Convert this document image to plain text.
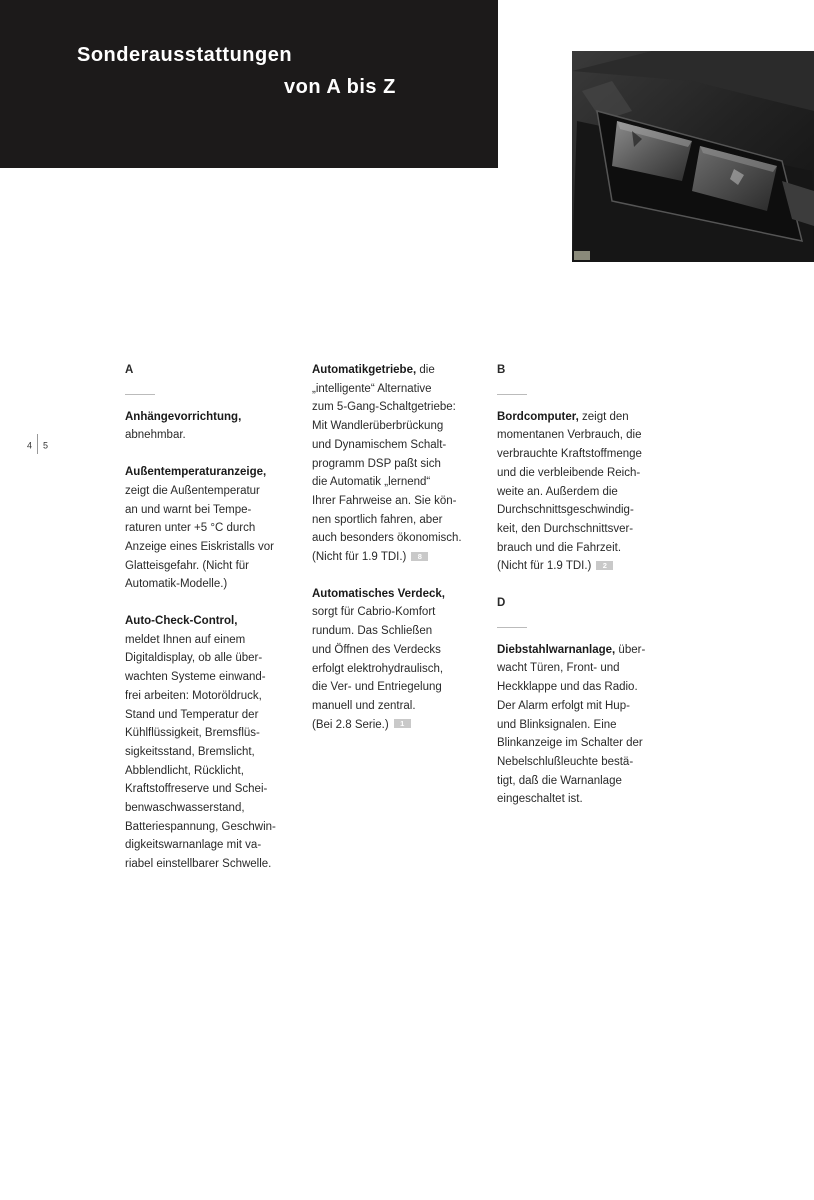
Sonderausstattungen
von A bis Z
4 5

A

Anhängevorrichtung,
abnehmbar.
Außentemperaturanzeige,
zeigt die Außentemperatur
an und warnt bei Tempe-
raturen unter +5 °C durch
Anzeige eines Eiskristalls vor
Glatteisgefahr. (Nicht für
Automatik-Modelle.)
Auto-Check-Control,
meldet Ihnen auf einem
Digitaldisplay, ob alle über-
wachten Systeme einwand-
frei arbeiten: Motoröldruck,
Stand und Temperatur der
Kühlflüssigkeit, Bremsflüs-
sigkeitsstand, Bremslicht,
Abblendlicht, Rücklicht,
Kraftstoffreserve und Schei-
benwaschwasserstand,
Batteriespannung, Geschwin-
digkeitswarnanlage mit va-
riabel einstellbarer Schwelle.
Automatikgetriebe, die
„intelligente“ Alternative
zum 5-Gang-Schaltgetriebe:
Mit Wandlerüberbrückung
und Dynamischem Schalt-
programm DSP paßt sich
die Automatik „lernend“
Ihrer Fahrweise an. Sie kön-
nen sportlich fahren, aber
auch besonders ökonomisch.
(Nicht für 1.9 TDI.) 8
Automatisches Verdeck,
sorgt für Cabrio-Komfort
rundum. Das Schließen
und Öffnen des Verdecks
erfolgt elektrohydraulisch,
die Ver- und Entriegelung
manuell und zentral.
(Bei 2.8 Serie.) 1

B

Bordcomputer, zeigt den
momentanen Verbrauch, die
verbrauchte Kraftstoffmenge
und die verbleibende Reich-
weite an. Außerdem die
Durchschnittsgeschwindig-
keit, den Durchschnittsver-
brauch und die Fahrzeit.
(Nicht für 1.9 TDI.) 2

D

Diebstahlwarnanlage, über-
wacht Türen, Front- und
Heckklappe und das Radio.
Der Alarm erfolgt mit Hup-
und Blinksignalen. Eine
Blinkanzeige im Schalter der
Nebelschlußleuchte bestä-
tigt, daß die Warnanlage
eingeschaltet ist.
